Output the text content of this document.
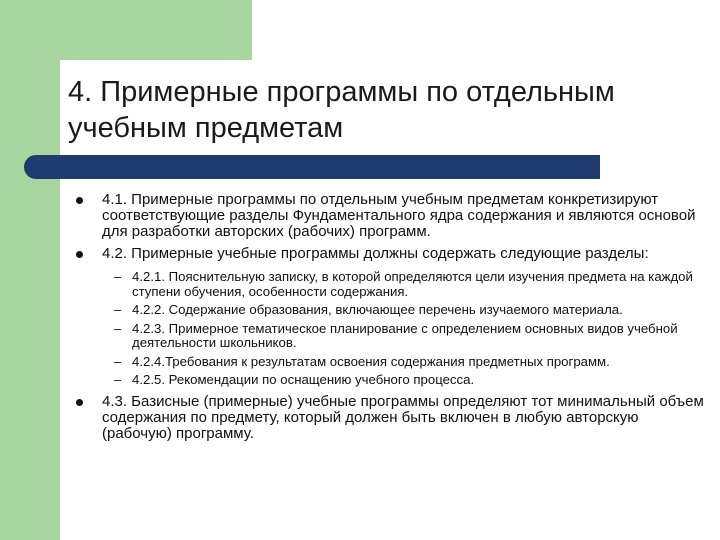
4. Примерные программы по отдельным учебным предметам
4.1. Примерные программы по отдельным учебным предметам конкретизируют соответствующие разделы Фундаментального ядра содержания и являются основой для разработки авторских (рабочих) программ.
4.2. Примерные учебные программы должны содержать следующие разделы:
– 4.2.1. Пояснительную записку, в которой определяются цели изучения предмета на каждой ступени обучения, особенности содержания.
– 4.2.2. Содержание образования, включающее перечень изучаемого материала.
– 4.2.3. Примерное тематическое планирование с определением основных видов учебной деятельности школьников.
– 4.2.4.Требования к результатам освоения содержания предметных программ.
– 4.2.5. Рекомендации по оснащению учебного процесса.
4.3. Базисные (примерные) учебные программы определяют тот минимальный объем содержания по предмету, который должен быть включен в любую авторскую (рабочую) программу.
